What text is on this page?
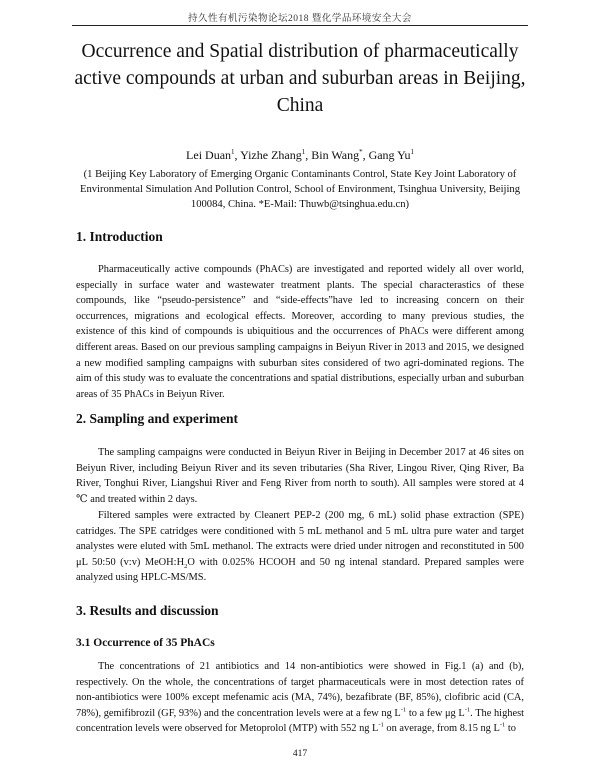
持久性有机污染物论坛2018 暨化学品环境安全大会
Occurrence and Spatial distribution of pharmaceutically active compounds at urban and suburban areas in Beijing, China
Lei Duan$^1$, Yizhe Zhang$^1$, Bin Wang*, Gang Yu$^1$
(1 Beijing Key Laboratory of Emerging Organic Contaminants Control, State Key Joint Laboratory of Environmental Simulation And Pollution Control, School of Environment, Tsinghua University, Beijing 100084, China. *E-Mail: Thuwb@tsinghua.edu.cn)
1. Introduction

Pharmaceutically active compounds (PhACs) are investigated and reported widely all over world, especially in surface water and wastewater treatment plants. The special characterastics of these compounds, like “pseudo-persistence” and “side-effects”have led to increasing concern on their occurrences, migrations and ecological effects. Moreover, according to many previous studies, the existence of this kind of compounds is ubiquitious and the occurrences of PhACs were different among different areas. Based on our previous sampling campaigns in Beiyun River in 2013 and 2015, we designed a new modified sampling campaigns with suburban sites considered of two agri-dominated regions. The aim of this study was to evaluate the concentrations and spatial distributions, especially urban and suburban areas of 35 PhACs in Beiyun River.

2. Sampling and experiment

The sampling campaigns were conducted in Beiyun River in Beijing in December 2017 at 46 sites on Beiyun River, including Beiyun River and its seven tributaries (Sha River, Lingou River, Qing River, Ba River, Tonghui River, Liangshui River and Feng River from north to south). All samples were stored at 4 ℃ and treated within 2 days.

Filtered samples were extracted by Cleanert PEP-2 (200 mg, 6 mL) solid phase extraction (SPE) catridges. The SPE catridges were conditioned with 5 mL methanol and 5 mL ultra pure water and target analystes were eluted with 5mL methanol. The extracts were dried under nitrogen and reconstituted in 500 μL 50:50 (v:v) $MeOH:H_2O$ with 0.025% HCOOH and 50 ng intenal standard. Prepared samples were analyzed using HPLC-MS/MS.

3. Results and discussion
3.1 Occurrence of 35 PhACs

The concentrations of 21 antibiotics and 14 non-antibiotics were showed in Fig.1 (a) and (b), respectively. On the whole, the concentrations of target pharmaceuticals were in most detection rates of non-antibiotics were 100% except mefenamic acis (MA, 74%), bezafibrate (BF, 85%), clofibric acid (CA, 78%), gemifibrozil (GF, 93%) and the concentration levels were at a few ng $L^{-1}$ to a few μg $L^{-1}$. The highest concentration levels were observed for Metoprolol (MTP) with 552 ng $L^{-1}$ on average, from 8.15 ng $L^{-1}$ to

417
